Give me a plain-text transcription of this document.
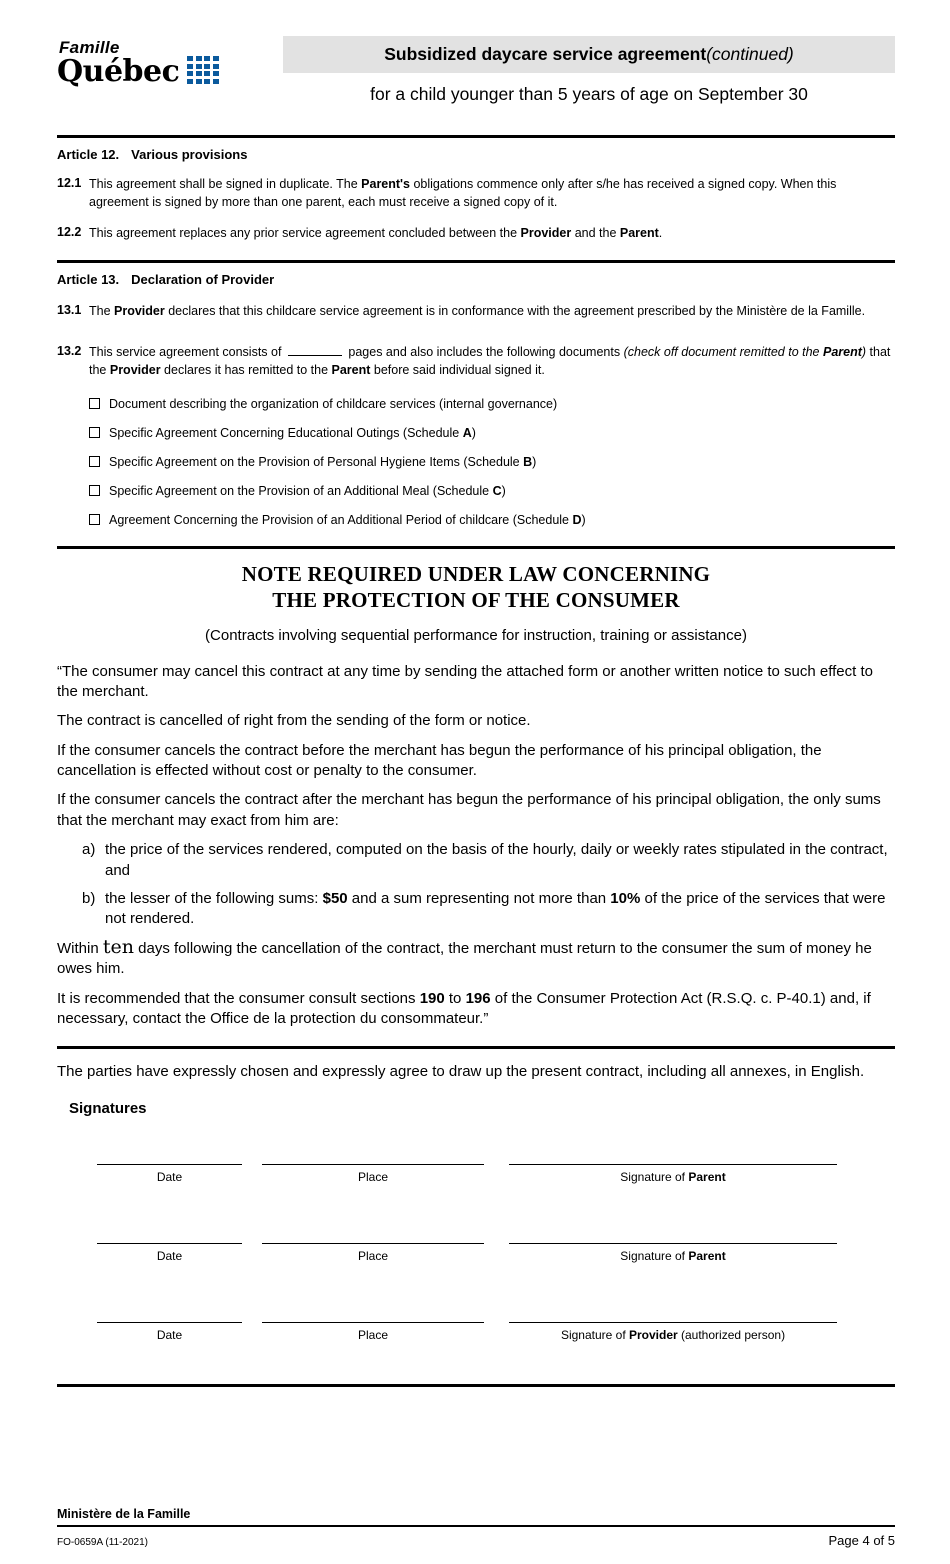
Famille
Québec	Subsidized daycare service agreement (continued)
for a child younger than 5 years of age on September 30
Article 12. Various provisions
12.1 This agreement shall be signed in duplicate. The Parent's obligations commence only after s/he has received a signed copy. When this agreement is signed by more than one parent, each must receive a signed copy of it.
12.2 This agreement replaces any prior service agreement concluded between the Provider and the Parent.
Article 13. Declaration of Provider
13.1 The Provider declares that this childcare service agreement is in conformance with the agreement prescribed by the Ministère de la Famille.
13.2 This service agreement consists of	pages and also includes the following documents (check off document remitted to the Parent) that the Provider declares it has remitted to the Parent before said individual signed it.
Document describing the organization of childcare services (internal governance)
Specific Agreement Concerning Educational Outings (Schedule A)
Specific Agreement on the Provision of Personal Hygiene Items (Schedule B)
Specific Agreement on the Provision of an Additional Meal (Schedule C)
Agreement Concerning the Provision of an Additional Period of childcare (Schedule D)
NOTE REQUIRED UNDER LAW CONCERNING
THE PROTECTION OF THE CONSUMER
(Contracts involving sequential performance for instruction, training or assistance)

“The consumer may cancel this contract at any time by sending the attached form or another written notice to such effect to the merchant.

The contract is cancelled of right from the sending of the form or notice.

If the consumer cancels the contract before the merchant has begun the performance of his principal obligation, the cancellation is effected without cost or penalty to the consumer.

If the consumer cancels the contract after the merchant has begun the performance of his principal obligation, the only sums that the merchant may exact from him are:

a) the price of the services rendered, computed on the basis of the hourly, daily or weekly rates stipulated in the contract, and
b) the lesser of the following sums: $50 and a sum representing not more than 10% of the price of the services that were not rendered.

Within ten days following the cancellation of the contract, the merchant must return to the consumer the sum of money he owes him.

It is recommended that the consumer consult sections 190 to 196 of the Consumer Protection Act (R.S.Q. c. P-40.1) and, if necessary, contact the Office de la protection du consommateur.”

The parties have expressly chosen and expressly agree to draw up the present contract, including all annexes, in English.

Signatures
Date	Place	Signature of Parent
Date	Place	Signature of Parent
Date	Place	Signature of Provider (authorized person)
Ministère de la Famille
FO-0659A (11-2021)	Page 4 of 5
